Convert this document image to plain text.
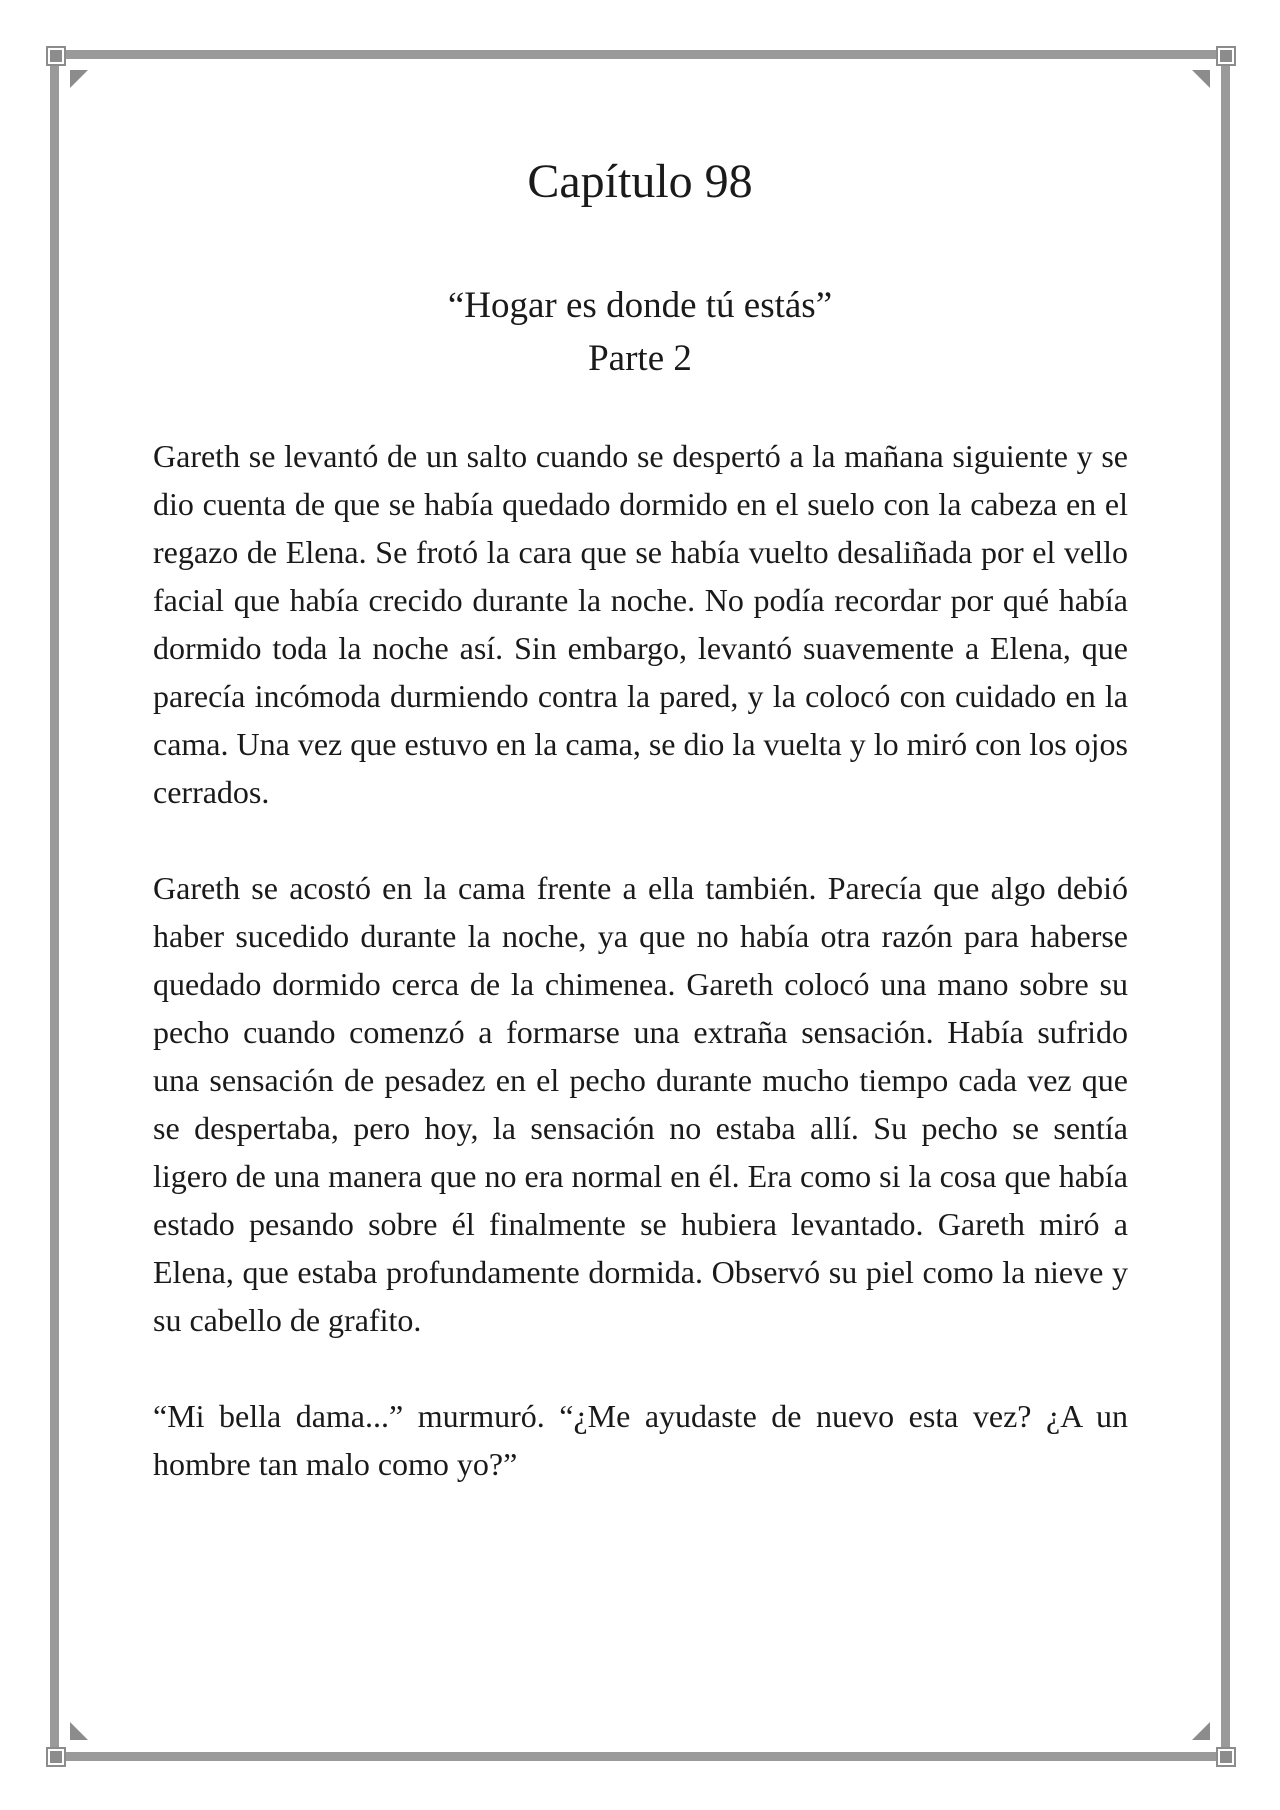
Capítulo 98

“Hogar es donde tú estás”

Parte 2

Gareth se levantó de un salto cuando se despertó a la mañana siguiente y se dio cuenta de que se había quedado dormido en el suelo con la cabeza en el regazo de Elena. Se frotó la cara que se había vuelto desaliñada por el vello facial que había crecido durante la noche. No podía recordar por qué había dormido toda la noche así. Sin embargo, levantó suavemente a Elena, que parecía incómoda durmiendo contra la pared, y la colocó con cuidado en la cama. Una vez que estuvo en la cama, se dio la vuelta y lo miró con los ojos cerrados.

Gareth se acostó en la cama frente a ella también. Parecía que algo debió haber sucedido durante la noche, ya que no había otra razón para haberse quedado dormido cerca de la chimenea. Gareth colocó una mano sobre su pecho cuando comenzó a formarse una extraña sensación. Había sufrido una sensación de pesadez en el pecho durante mucho tiempo cada vez que se despertaba, pero hoy, la sensación no estaba allí. Su pecho se sentía ligero de una manera que no era normal en él. Era como si la cosa que había estado pesando sobre él finalmente se hubiera levantado. Gareth miró a Elena, que estaba profundamente dormida. Observó su piel como la nieve y su cabello de grafito.

“Mi bella dama...” murmuró. “¿Me ayudaste de nuevo esta vez? ¿A un hombre tan malo como yo?”
